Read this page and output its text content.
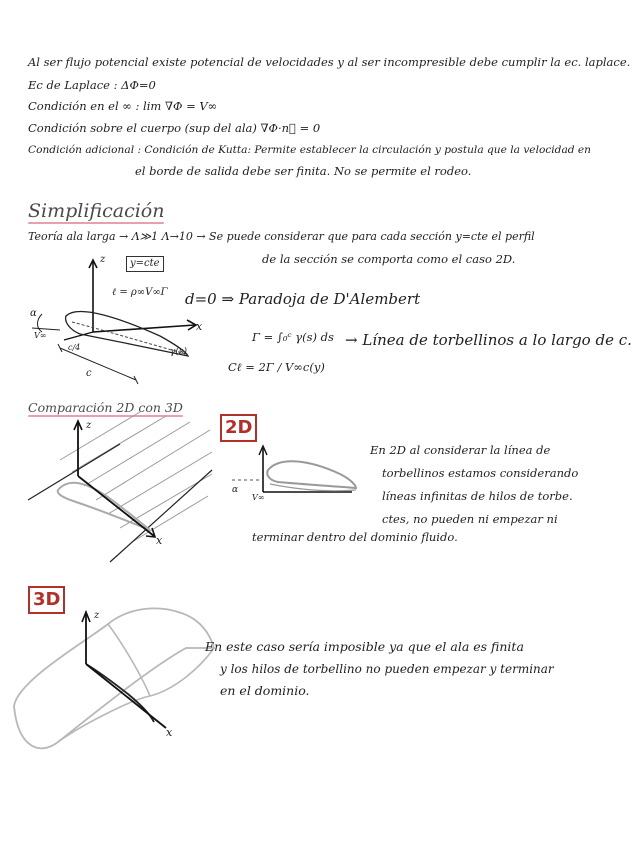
Al ser flujo potencial existe potencial de velocidades y al ser incompresible debe cumplir la ec. laplace.
Ec de Laplace : ΔΦ=0
Condición en el ∞ : lim ∇Φ = V∞
Condición sobre el cuerpo (sup del ala) ∇Φ·n⃗ = 0
Condición adicional : Condición de Kutta: Permite establecer la circulación y postula que la velocidad en
el borde de salida debe ser finita. No se permite el rodeo.
Simplificación
Teoría ala larga → Λ≫1 Λ→10 → Se puede considerar que para cada sección y=cte el perfil
de la sección se comporta como el caso 2D.
y=cte
ℓ = ρ∞V∞Γ d=0 ⇒ Paradoja de D'Alembert
Γ = ∫₀ᶜ γ(s) ds → Línea de torbellinos a lo largo de c.
Cℓ = 2Γ / V∞c(y)
α
V∞
z
x
c/4	γ(s)
c
Comparación 2D con 3D
z
x
α
V∞
z
x
2D
En 2D al considerar la línea de
torbellinos estamos considerando
líneas infinitas de hilos de torbe.
ctes, no pueden ni empezar ni
terminar dentro del dominio fluido.
3D
En este caso sería imposible ya que el ala es finita
y los hilos de torbellino no pueden empezar y terminar
en el dominio.
